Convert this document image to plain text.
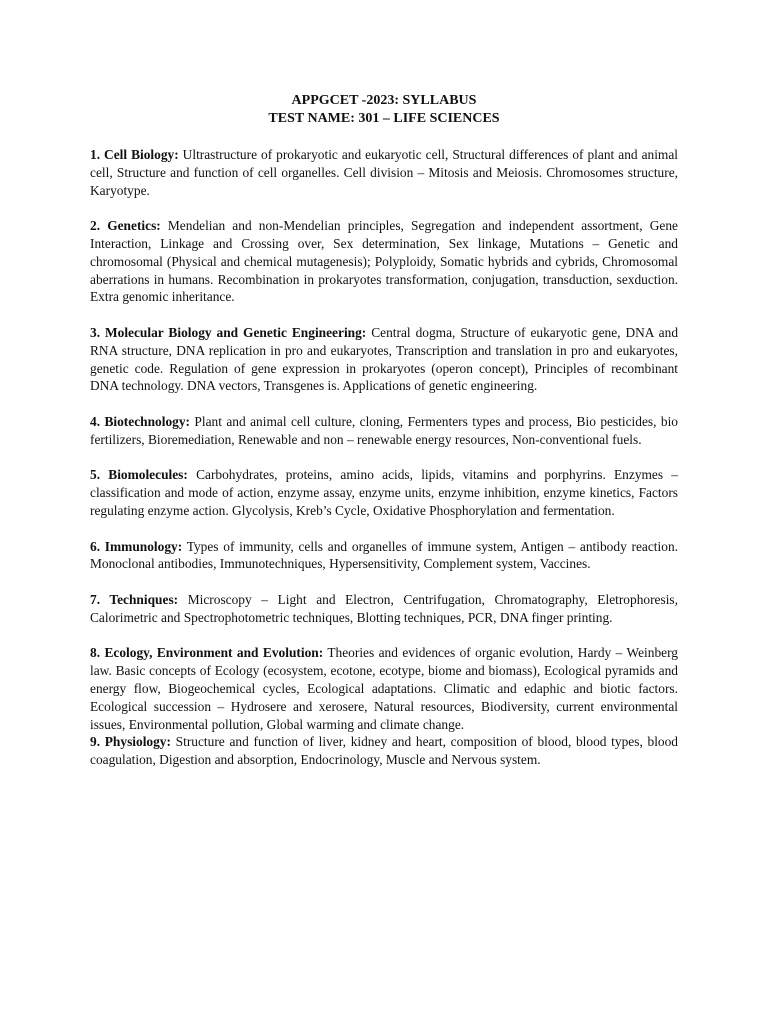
APPGCET -2023: SYLLABUS

TEST NAME: 301 – LIFE SCIENCES

1. Cell Biology: Ultrastructure of prokaryotic and eukaryotic cell, Structural differences of plant and animal cell, Structure and function of cell organelles. Cell division – Mitosis and Meiosis. Chromosomes structure, Karyotype.

2. Genetics: Mendelian and non-Mendelian principles, Segregation and independent assortment, Gene Interaction, Linkage and Crossing over, Sex determination, Sex linkage, Mutations – Genetic and chromosomal (Physical and chemical mutagenesis); Polyploidy, Somatic hybrids and cybrids, Chromosomal aberrations in humans. Recombination in prokaryotes transformation, conjugation, transduction, sexduction. Extra genomic inheritance.

3. Molecular Biology and Genetic Engineering: Central dogma, Structure of eukaryotic gene, DNA and RNA structure, DNA replication in pro and eukaryotes, Transcription and translation in pro and eukaryotes, genetic code. Regulation of gene expression in prokaryotes (operon concept), Principles of recombinant DNA technology. DNA vectors, Transgenes is. Applications of genetic engineering.

4. Biotechnology: Plant and animal cell culture, cloning, Fermenters types and process, Bio pesticides, bio fertilizers, Bioremediation, Renewable and non – renewable energy resources, Non-conventional fuels.

5. Biomolecules: Carbohydrates, proteins, amino acids, lipids, vitamins and porphyrins. Enzymes – classification and mode of action, enzyme assay, enzyme units, enzyme inhibition, enzyme kinetics, Factors regulating enzyme action. Glycolysis, Kreb’s Cycle, Oxidative Phosphorylation and fermentation.

6. Immunology: Types of immunity, cells and organelles of immune system, Antigen – antibody reaction. Monoclonal antibodies, Immunotechniques, Hypersensitivity, Complement system, Vaccines.

7. Techniques: Microscopy – Light and Electron, Centrifugation, Chromatography, Eletrophoresis, Calorimetric and Spectrophotometric techniques, Blotting techniques, PCR, DNA finger printing.

8. Ecology, Environment and Evolution: Theories and evidences of organic evolution, Hardy – Weinberg law. Basic concepts of Ecology (ecosystem, ecotone, ecotype, biome and biomass), Ecological pyramids and energy flow, Biogeochemical cycles, Ecological adaptations. Climatic and edaphic and biotic factors. Ecological succession – Hydrosere and xerosere, Natural resources, Biodiversity, current environmental issues, Environmental pollution, Global warming and climate change.

9. Physiology: Structure and function of liver, kidney and heart, composition of blood, blood types, blood coagulation, Digestion and absorption, Endocrinology, Muscle and Nervous system.
